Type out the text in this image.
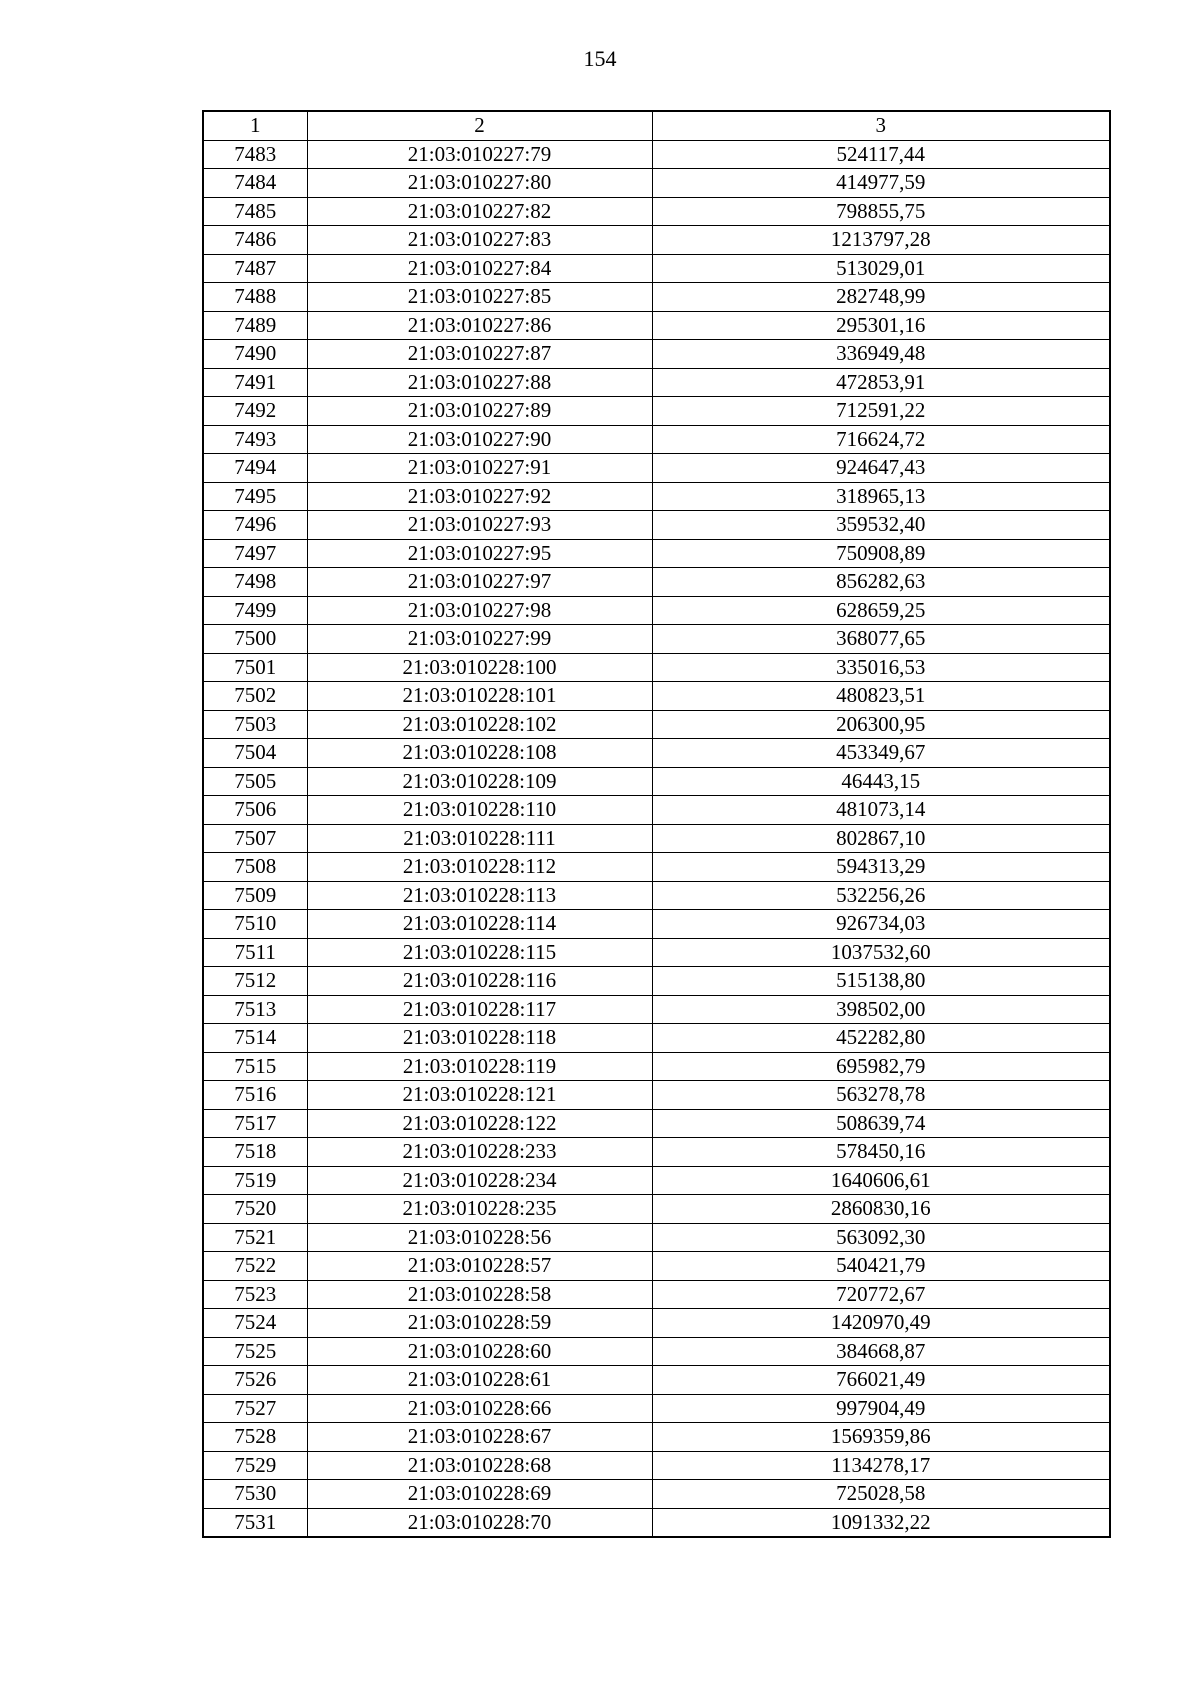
154
1	2	3
7483	21:03:010227:79	524117,44
7484	21:03:010227:80	414977,59
7485	21:03:010227:82	798855,75
7486	21:03:010227:83	1213797,28
7487	21:03:010227:84	513029,01
7488	21:03:010227:85	282748,99
7489	21:03:010227:86	295301,16
7490	21:03:010227:87	336949,48
7491	21:03:010227:88	472853,91
7492	21:03:010227:89	712591,22
7493	21:03:010227:90	716624,72
7494	21:03:010227:91	924647,43
7495	21:03:010227:92	318965,13
7496	21:03:010227:93	359532,40
7497	21:03:010227:95	750908,89
7498	21:03:010227:97	856282,63
7499	21:03:010227:98	628659,25
7500	21:03:010227:99	368077,65
7501	21:03:010228:100	335016,53
7502	21:03:010228:101	480823,51
7503	21:03:010228:102	206300,95
7504	21:03:010228:108	453349,67
7505	21:03:010228:109	46443,15
7506	21:03:010228:110	481073,14
7507	21:03:010228:111	802867,10
7508	21:03:010228:112	594313,29
7509	21:03:010228:113	532256,26
7510	21:03:010228:114	926734,03
7511	21:03:010228:115	1037532,60
7512	21:03:010228:116	515138,80
7513	21:03:010228:117	398502,00
7514	21:03:010228:118	452282,80
7515	21:03:010228:119	695982,79
7516	21:03:010228:121	563278,78
7517	21:03:010228:122	508639,74
7518	21:03:010228:233	578450,16
7519	21:03:010228:234	1640606,61
7520	21:03:010228:235	2860830,16
7521	21:03:010228:56	563092,30
7522	21:03:010228:57	540421,79
7523	21:03:010228:58	720772,67
7524	21:03:010228:59	1420970,49
7525	21:03:010228:60	384668,87
7526	21:03:010228:61	766021,49
7527	21:03:010228:66	997904,49
7528	21:03:010228:67	1569359,86
7529	21:03:010228:68	1134278,17
7530	21:03:010228:69	725028,58
7531	21:03:010228:70	1091332,22
